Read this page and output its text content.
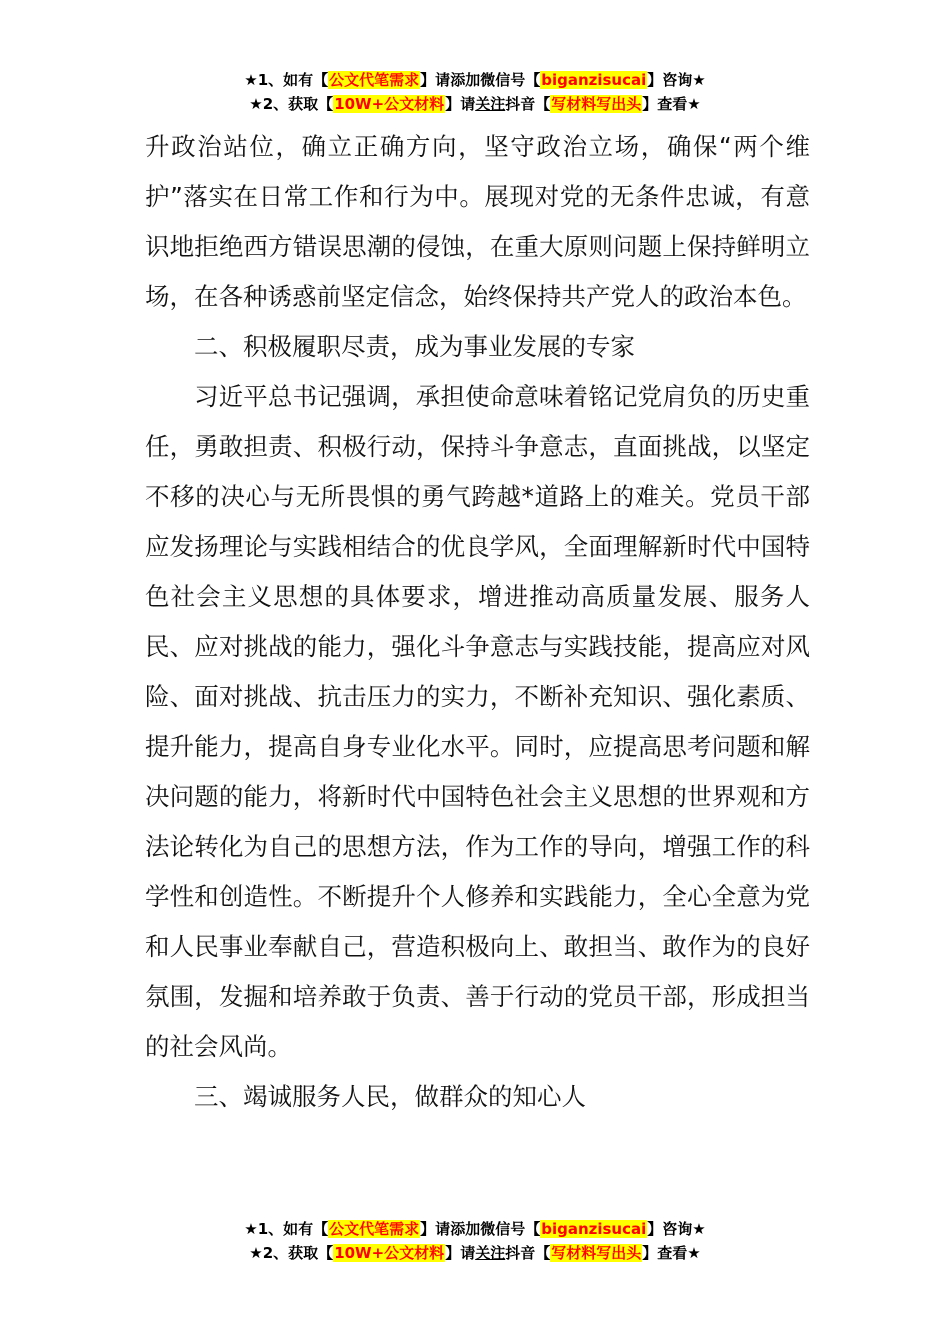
★1、如有【公文代笔需求】请添加微信号【biganzisucai】咨询★
★2、获取【10W+公文材料】请关注抖音【写材料写出头】查看★

升政治站位，确立正确方向，坚守政治立场，确保“两个维护”落实在日常工作和行为中。展现对党的无条件忠诚，有意识地拒绝西方错误思潮的侵蚀，在重大原则问题上保持鲜明立场，在各种诱惑前坚定信念，始终保持共产党人的政治本色。

二、积极履职尽责，成为事业发展的专家

习近平总书记强调，承担使命意味着铭记党肩负的历史重任，勇敢担责、积极行动，保持斗争意志，直面挑战，以坚定不移的决心与无所畏惧的勇气跨越*道路上的难关。党员干部应发扬理论与实践相结合的优良学风，全面理解新时代中国特色社会主义思想的具体要求，增进推动高质量发展、服务人民、应对挑战的能力，强化斗争意志与实践技能，提高应对风险、面对挑战、抗击压力的实力，不断补充知识、强化素质、提升能力，提高自身专业化水平。同时，应提高思考问题和解决问题的能力，将新时代中国特色社会主义思想的世界观和方法论转化为自己的思想方法，作为工作的导向，增强工作的科学性和创造性。不断提升个人修养和实践能力，全心全意为党和人民事业奉献自己，营造积极向上、敢担当、敢作为的良好氛围，发掘和培养敢于负责、善于行动的党员干部，形成担当的社会风尚。

三、竭诚服务人民，做群众的知心人

★1、如有【公文代笔需求】请添加微信号【biganzisucai】咨询★
★2、获取【10W+公文材料】请关注抖音【写材料写出头】查看★
